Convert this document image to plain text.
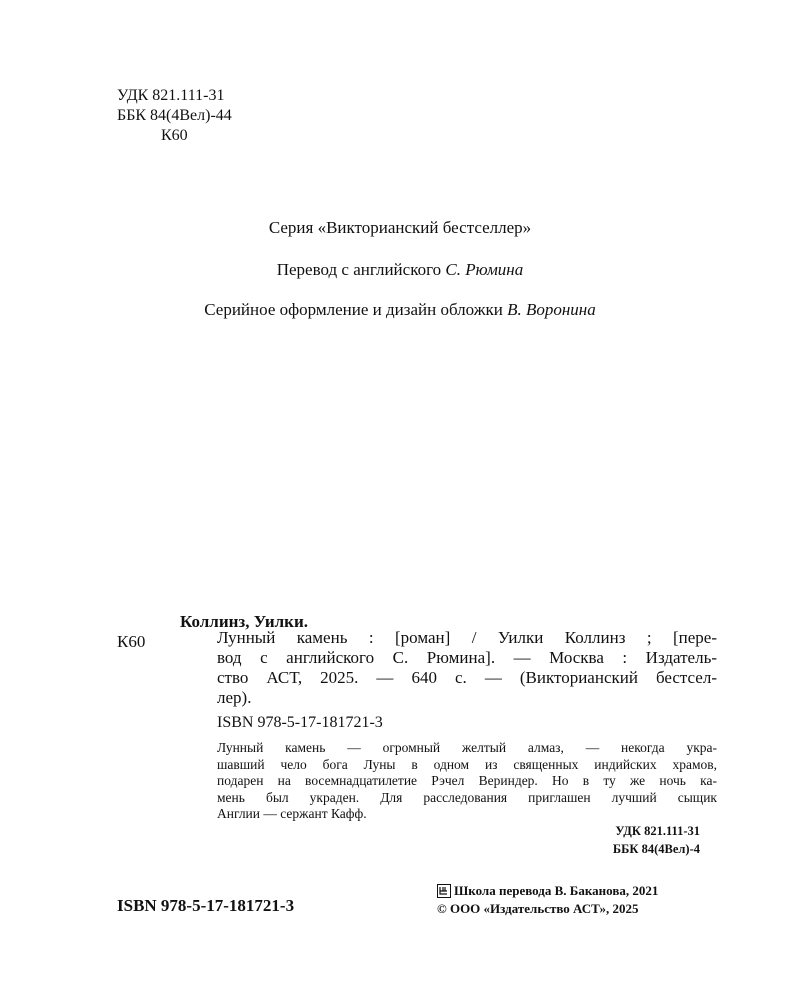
УДК 821.111-31
ББК 84(4Вел)-44
К60
Серия «Викторианский бестселлер»
Перевод с английского С. Рюмина
Серийное оформление и дизайн обложки В. Воронина
Коллинз, Уилки.
К60	Лунный камень : [роман] / Уилки Коллинз ; [пере-
вод с английского С. Рюмина]. — Москва : Издатель-
ство АСТ, 2025. — 640 с. — (Викторианский бестсел-
лер).
ISBN 978-5-17-181721-3
Лунный камень — огромный желтый алмаз, — некогда укра-
шавший чело бога Луны в одном из священных индийских храмов,
подарен на восемнадцатилетие Рэчел Вериндер. Но в ту же ночь ка-
мень был украден. Для расследования приглашен лучший сыщик
Англии — сержант Кафф.
УДК 821.111-31
ББК 84(4Вел)-4
ISBN 978-5-17-181721-3
Школа перевода В. Баканова, 2021
© ООО «Издательство АСТ», 2025
